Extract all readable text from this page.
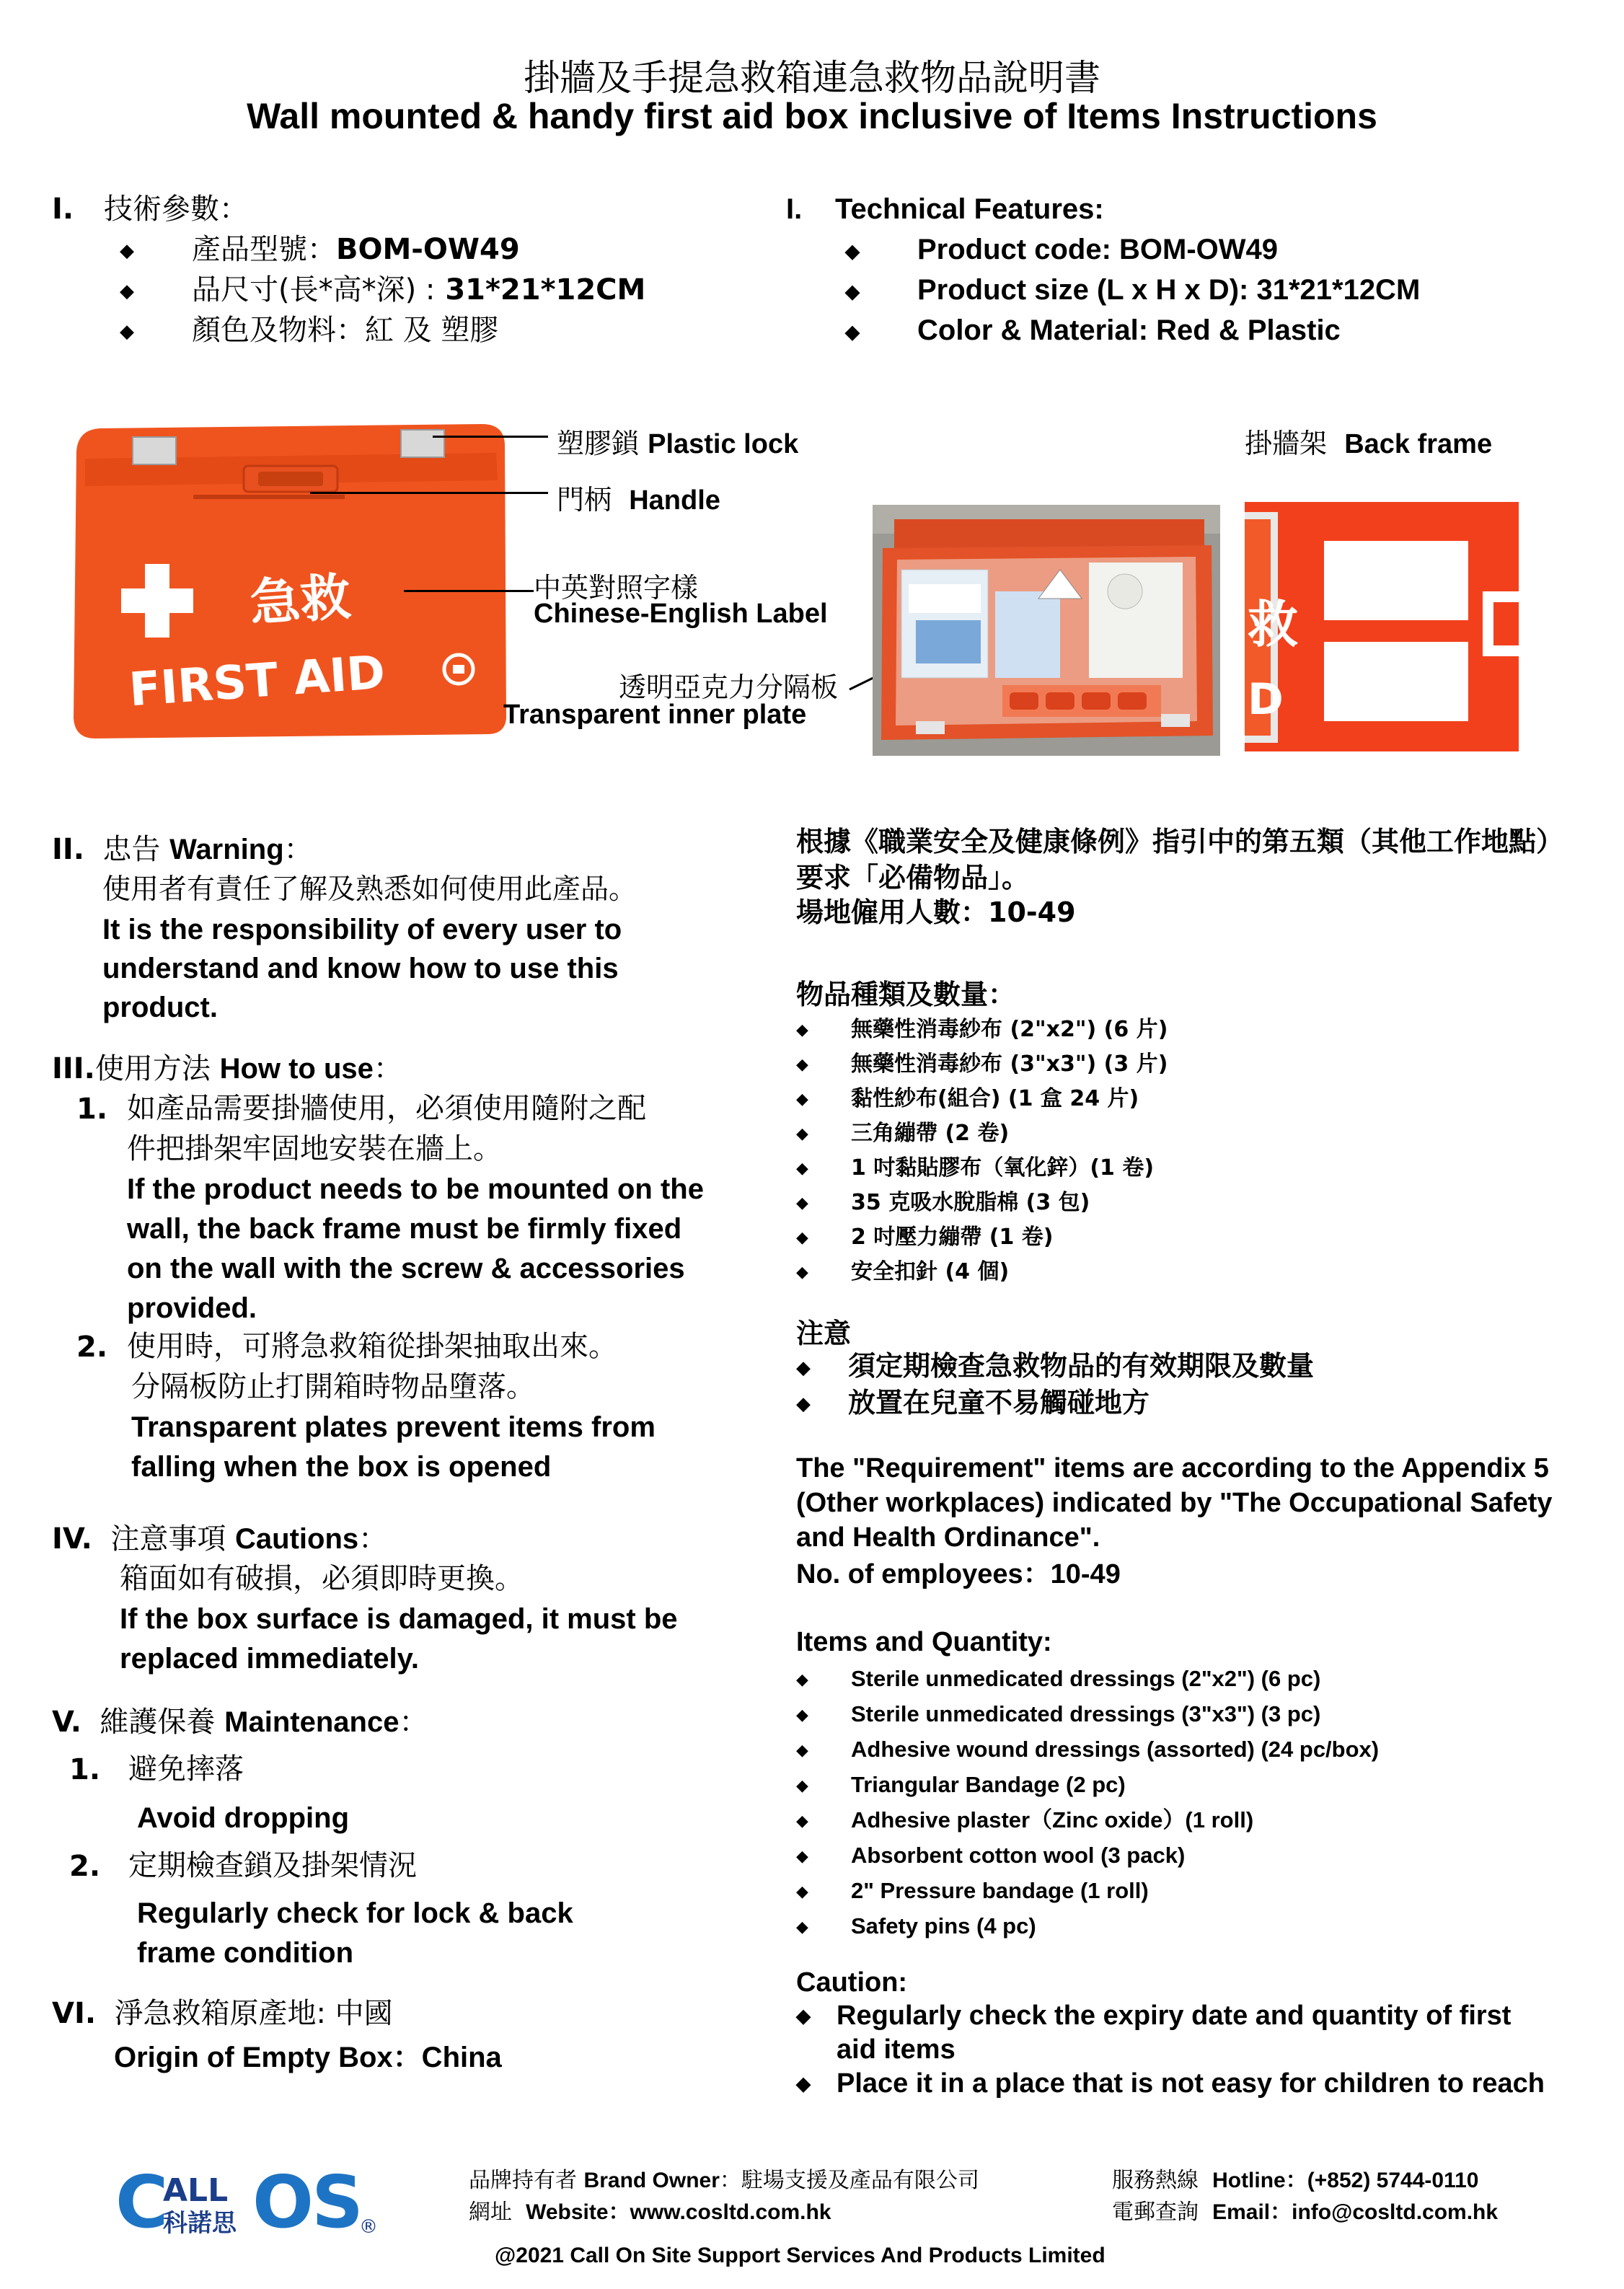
掛牆及手提急救箱連急救物品說明書
Wall mounted & handy first aid box inclusive of Items Instructions
I. 技術參數：
◆ 產品型號：BOM-OW49
◆ 品尺寸(長*高*深) : 31*21*12CM
◆ 顏色及物料：紅 及 塑膠
I. Technical Features:
◆ Product code: BOM-OW49
◆ Product size (L x H x D): 31*21*12CM
◆ Color & Material: Red & Plastic
急救
FIRST AID
塑膠鎖 Plastic lock
門柄 Handle
中英對照字樣
Chinese-English Label
透明亞克力分隔板
Transparent inner plate
掛牆架 Back frame
救
D
II. 忠告 Warning：
使用者有責任了解及熟悉如何使用此產品。
It is the responsibility of every user to understand and know how to use this product.
III.使用方法 How to use：
1. 如產品需要掛牆使用，必須使用隨附之配
件把掛架牢固地安裝在牆上。
If the product needs to be mounted on the wall, the back frame must be firmly fixed on the wall with the screw & accessories provided.
2. 使用時，可將急救箱從掛架抽取出來。
分隔板防止打開箱時物品墮落。
Transparent plates prevent items from falling when the box is opened
IV. 注意事項 Cautions：
箱面如有破損，必須即時更換。
If the box surface is damaged, it must be replaced immediately.
V. 維護保養 Maintenance：
1. 避免摔落
Avoid dropping
2. 定期檢查鎖及掛架情況
Regularly check for lock & back frame condition
VI. 淨急救箱原產地: 中國
Origin of Empty Box：China
根據《職業安全及健康條例》指引中的第五類（其他工作地點）要求「必備物品」。
場地僱用人數：10-49
物品種類及數量：
◆ 無藥性消毒紗布 (2"x2") (6 片)
◆ 無藥性消毒紗布 (3"x3") (3 片)
◆ 黏性紗布(組合) (1 盒 24 片)
◆ 三角繃帶 (2 卷)
◆ 1 吋黏貼膠布（氧化鋅）(1 卷)
◆ 35 克吸水脫脂棉 (3 包)
◆ 2 吋壓力繃帶 (1 卷)
◆ 安全扣針 (4 個)
注意
◆ 須定期檢查急救物品的有效期限及數量
◆ 放置在兒童不易觸碰地方
The "Requirement" items are according to the Appendix 5 (Other workplaces) indicated by "The Occupational Safety and Health Ordinance".
No. of employees：10-49
Items and Quantity:
◆ Sterile unmedicated dressings (2"x2") (6 pc)
◆ Sterile unmedicated dressings (3"x3") (3 pc)
◆ Adhesive wound dressings (assorted) (24 pc/box)
◆ Triangular Bandage (2 pc)
◆ Adhesive plaster（Zinc oxide）(1 roll)
◆ Absorbent cotton wool (3 pack)
◆ 2" Pressure bandage (1 roll)
◆ Safety pins (4 pc)
Caution:
◆ Regularly check the expiry date and quantity of first aid items
◆ Place it in a place that is not easy for children to reach
C
ALL
科諾思 O
S
®
品牌持有者 Brand Owner：駐場支援及產品有限公司
網址 Website：www.cosltd.com.hk
服務熱線 Hotline：(+852) 5744-0110
電郵查詢 Email：info@cosltd.com.hk
@2021 Call On Site Support Services And Products Limited
